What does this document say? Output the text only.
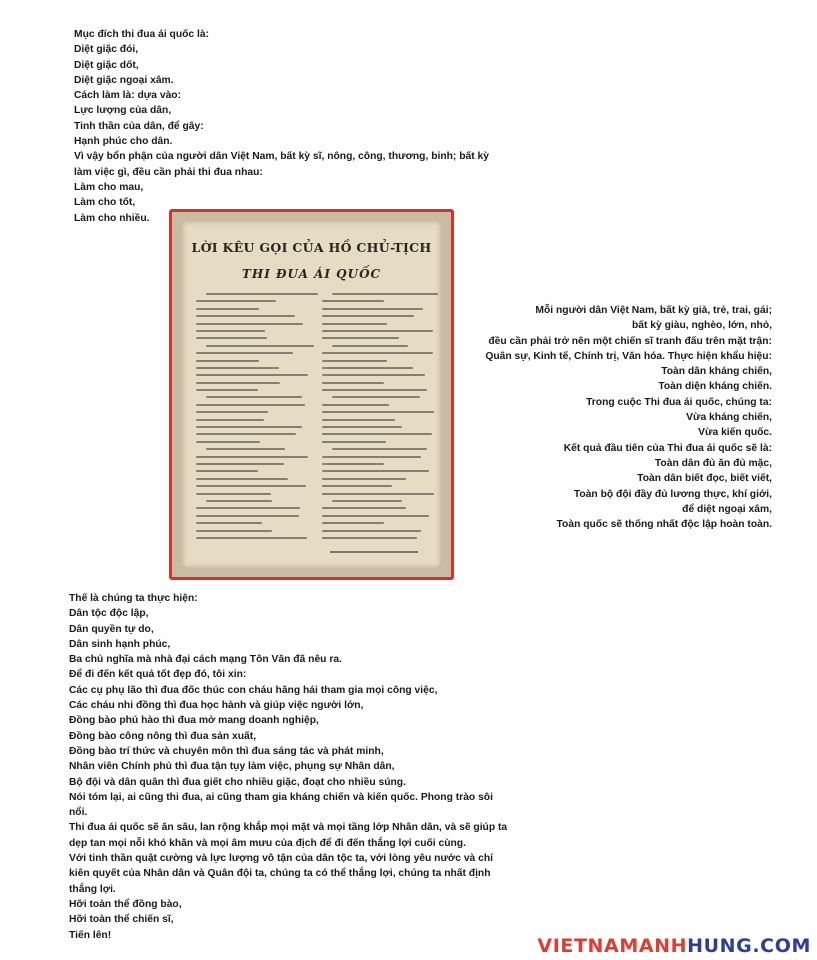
Mục đích thi đua ái quốc là:
Diệt giặc đói,
Diệt giặc dốt,
Diệt giặc ngoại xâm.
Cách làm là: dựa vào:
Lực lượng của dân,
Tinh thần của dân, để gây:
Hạnh phúc cho dân.
Vì vậy bổn phận của người dân Việt Nam, bất kỳ sĩ, nông, công, thương, binh; bất kỳ
làm việc gì, đều cần phải thi đua nhau:
Làm cho mau,
Làm cho tốt,
Làm cho nhiều.
LỜI KÊU GỌI CỦA HỒ CHỦ-TỊCH
THI ĐUA ÁI QUỐC
Mỗi người dân Việt Nam, bất kỳ già, trẻ, trai, gái;
bất kỳ giàu, nghèo, lớn, nhỏ,
đều cần phải trở nên một chiến sĩ tranh đấu trên mặt trận:
Quân sự, Kinh tế, Chính trị, Văn hóa. Thực hiện khẩu hiệu:
Toàn dân kháng chiến,
Toàn diện kháng chiến.
Trong cuộc Thi đua ái quốc, chúng ta:
Vừa kháng chiến,
Vừa kiến quốc.
Kết quả đầu tiên của Thi đua ái quốc sẽ là:
Toàn dân đủ ăn đủ mặc,
Toàn dân biết đọc, biết viết,
Toàn bộ đội đầy đủ lương thực, khí giới,
để diệt ngoại xâm,
Toàn quốc sẽ thống nhất độc lập hoàn toàn.
Thế là chúng ta thực hiện:
Dân tộc độc lập,
Dân quyền tự do,
Dân sinh hạnh phúc,
Ba chủ nghĩa mà nhà đại cách mạng Tôn Văn đã nêu ra.
Để đi đến kết quả tốt đẹp đó, tôi xin:
Các cụ phụ lão thì đua đốc thúc con cháu hăng hái tham gia mọi công việc,
Các cháu nhi đồng thì đua học hành và giúp việc người lớn,
Đồng bào phú hào thì đua mở mang doanh nghiệp,
Đồng bào công nông thì đua sản xuất,
Đồng bào trí thức và chuyên môn thì đua sáng tác và phát minh,
Nhân viên Chính phủ thì đua tận tụy làm việc, phụng sự Nhân dân,
Bộ đội và dân quân thì đua giết cho nhiều giặc, đoạt cho nhiều súng.
Nói tóm lại, ai cũng thi đua, ai cũng tham gia kháng chiến và kiến quốc. Phong trào sôi nổi.
Thi đua ái quốc sẽ ăn sâu, lan rộng khắp mọi mặt và mọi tầng lớp Nhân dân, và sẽ giúp ta dẹp tan mọi nỗi khó khăn và mọi âm mưu của địch để đi đến thắng lợi cuối cùng.
Với tinh thần quật cường và lực lượng vô tận của dân tộc ta, với lòng yêu nước và chí kiên quyết của Nhân dân và Quân đội ta, chúng ta có thể thắng lợi, chúng ta nhất định thắng lợi.
Hỡi toàn thể đồng bào,
Hỡi toàn thể chiến sĩ,
Tiến lên!	VIETNAMANHHUNG.COM
